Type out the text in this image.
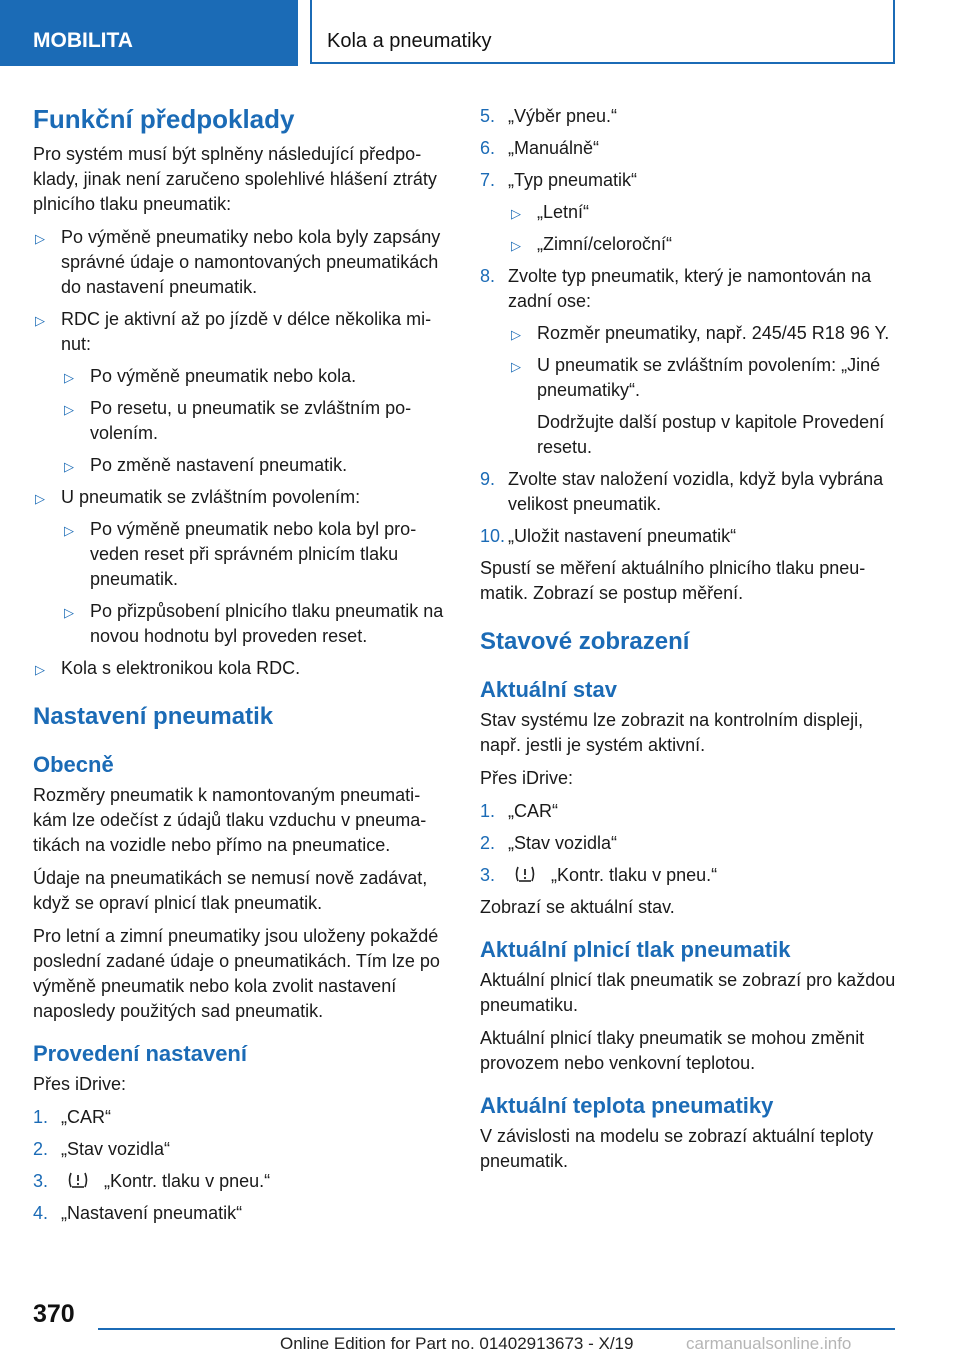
MOBILITA	Kola a pneumatiky
Funkční předpoklady

Pro systém musí být splněny následující předpoklady, jinak není zaručeno spolehlivé hlášení ztráty plnicího tlaku pneumatik:

▷ Po výměně pneumatiky nebo kola byly zapsány správné údaje o namontovaných pneumatikách do nastavení pneumatik.
▷ RDC je aktivní až po jízdě v délce několika minut:
▷ Po výměně pneumatik nebo kola.
▷ Po resetu, u pneumatik se zvláštním povolením.
▷ Po změně nastavení pneumatik.
▷ U pneumatik se zvláštním povolením:
▷ Po výměně pneumatik nebo kola byl proveden reset při správném plnicím tlaku pneumatik.
▷ Po přizpůsobení plnicího tlaku pneumatik na novou hodnotu byl proveden reset.
▷ Kola s elektronikou kola RDC.
Nastavení pneumatik
Obecně

Rozměry pneumatik k namontovaným pneumatikám lze odečíst z údajů tlaku vzduchu v pneumatikách na vozidle nebo přímo na pneumatice.

Údaje na pneumatikách se nemusí nově zadávat, když se opraví plnicí tlak pneumatik.

Pro letní a zimní pneumatiky jsou uloženy pokaždé poslední zadané údaje o pneumatikách. Tím lze po výměně pneumatik nebo kola zvolit nastavení naposledy použitých sad pneumatik.

Provedení nastavení

Přes iDrive:

1. „CAR“
2. „Stav vozidla“
3.	„Kontr. tlaku v pneu.“
4. „Nastavení pneumatik“
5. „Výběr pneu.“
6. „Manuálně“
7. „Typ pneumatik“
▷ „Letní“
▷ „Zimní/celoroční“
8. Zvolte typ pneumatik, který je namontován na zadní ose:
▷ Rozměr pneumatiky, např. 245/45 R18 96 Y.
▷ U pneumatik se zvláštním povolením: „Jiné pneumatiky“.
Dodržujte další postup v kapitole Provedení resetu.
9. Zvolte stav naložení vozidla, když byla vybrána velikost pneumatik.
10. „Uložit nastavení pneumatik“

Spustí se měření aktuálního plnicího tlaku pneumatik. Zobrazí se postup měření.

Stavové zobrazení
Aktuální stav

Stav systému lze zobrazit na kontrolním displeji, např. jestli je systém aktivní.

Přes iDrive:

1. „CAR“
2. „Stav vozidla“
3.	„Kontr. tlaku v pneu.“

Zobrazí se aktuální stav.

Aktuální plnicí tlak pneumatik

Aktuální plnicí tlak pneumatik se zobrazí pro každou pneumatiku.

Aktuální plnicí tlaky pneumatik se mohou změnit provozem nebo venkovní teplotou.

Aktuální teplota pneumatiky

V závislosti na modelu se zobrazí aktuální teploty pneumatik.

370
Online Edition for Part no. 01402913673 - X/19	carmanualsonline.info
